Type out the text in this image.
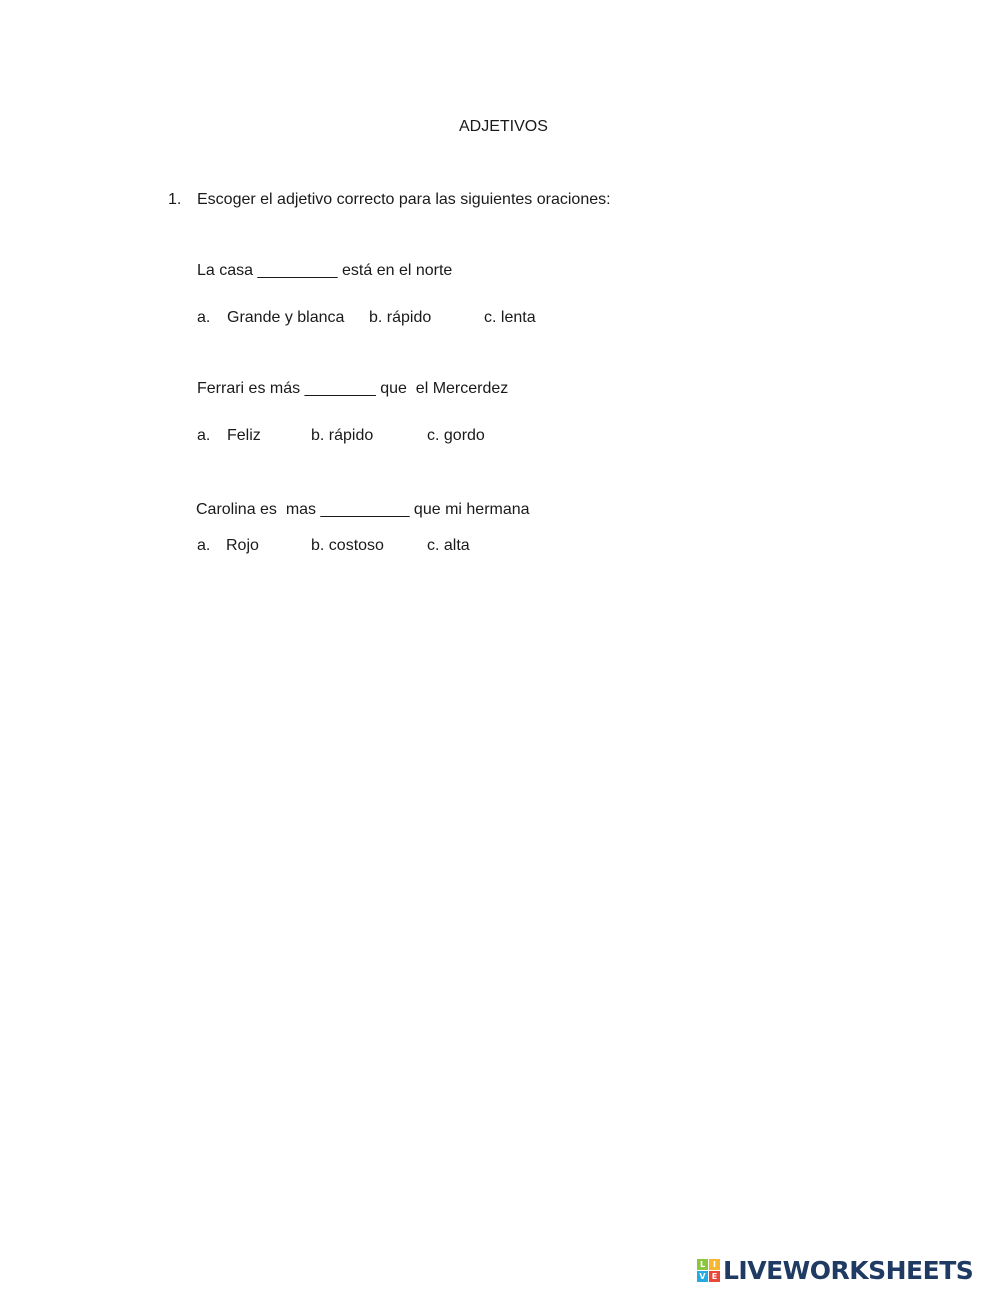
ADJETIVOS
1. Escoger el adjetivo correcto para las siguientes oraciones:
La casa _________ está en el norte
a. Grande y blanca b. rápido	c. lenta
Ferrari es más ________ que  el Mercerdez
a. Feliz	b. rápido	c. gordo
Carolina es  mas __________ que mi hermana
a. Rojo	b. costoso	c. alta
L I
V E LIVEWORKSHEETS
